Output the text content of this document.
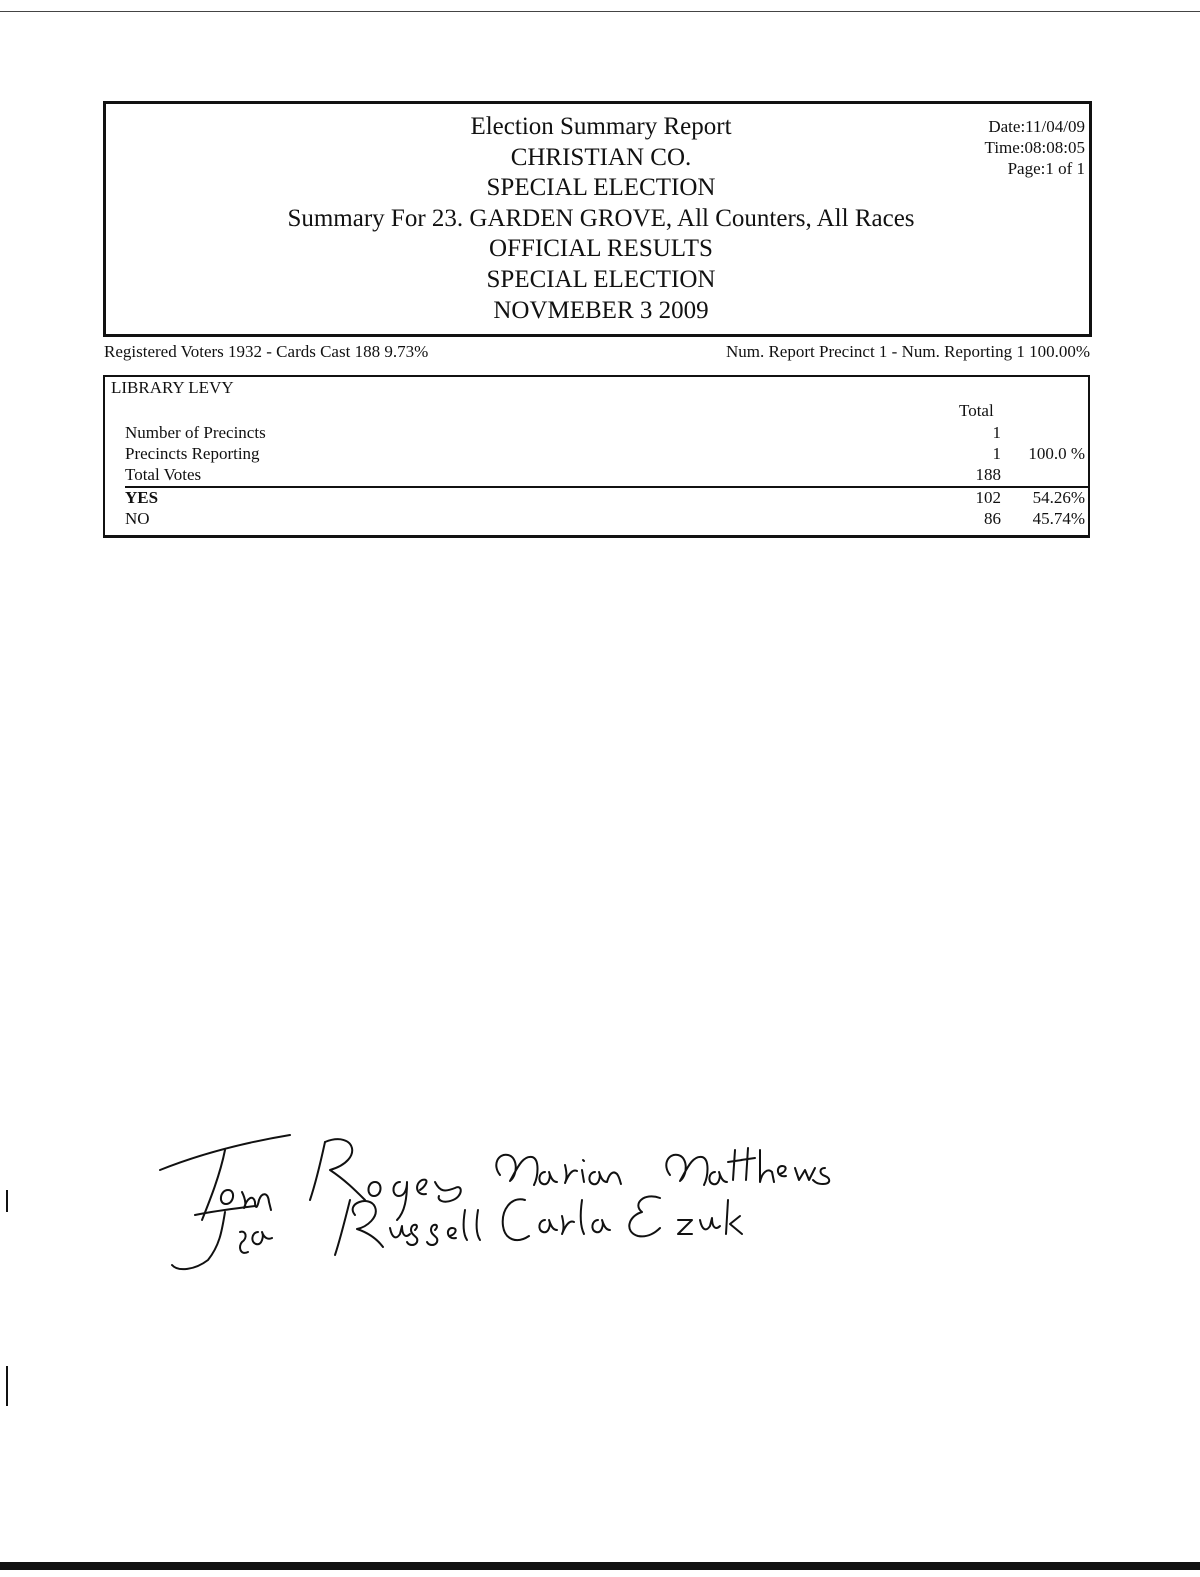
Election Summary Report
CHRISTIAN CO.
SPECIAL ELECTION
Summary For 23. GARDEN GROVE, All Counters, All Races
OFFICIAL RESULTS
SPECIAL ELECTION
NOVMEBER 3 2009
Date:11/04/09
Time:08:08:05
Page:1 of 1
Registered Voters 1932 - Cards Cast 188 9.73%	Num. Report Precinct 1 - Num. Reporting 1 100.00%
LIBRARY LEVY
Total
Number of Precincts	1
Precincts Reporting	1 100.0 %
Total Votes	188
YES	102 54.26%
NO	86 45.74%
